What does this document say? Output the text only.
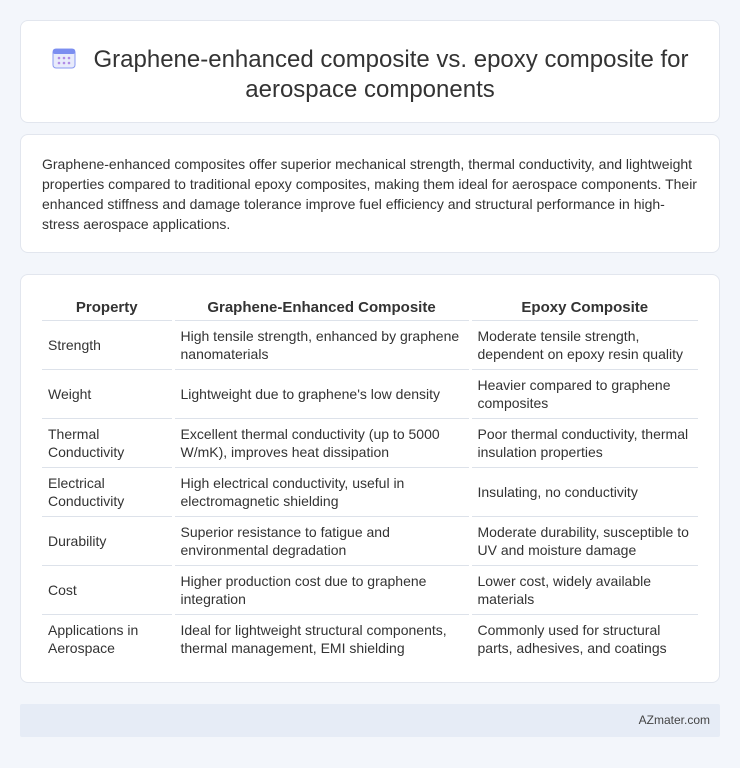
Graphene-enhanced composite vs. epoxy composite for aerospace components

Graphene-enhanced composites offer superior mechanical strength, thermal conductivity, and lightweight properties compared to traditional epoxy composites, making them ideal for aerospace components. Their enhanced stiffness and damage tolerance improve fuel efficiency and structural performance in high-stress aerospace applications.

Property	Graphene-Enhanced Composite	Epoxy Composite
Strength	High tensile strength, enhanced by graphene nanomaterials	Moderate tensile strength, dependent on epoxy resin quality
Weight	Lightweight due to graphene's low density	Heavier compared to graphene composites
Thermal Conductivity	Excellent thermal conductivity (up to 5000 W/mK), improves heat dissipation	Poor thermal conductivity, thermal insulation properties
Electrical Conductivity	High electrical conductivity, useful in electromagnetic shielding	Insulating, no conductivity
Durability	Superior resistance to fatigue and environmental degradation	Moderate durability, susceptible to UV and moisture damage
Cost	Higher production cost due to graphene integration	Lower cost, widely available materials
Applications in Aerospace	Ideal for lightweight structural components, thermal management, EMI shielding	Commonly used for structural parts, adhesives, and coatings
AZmater.com
